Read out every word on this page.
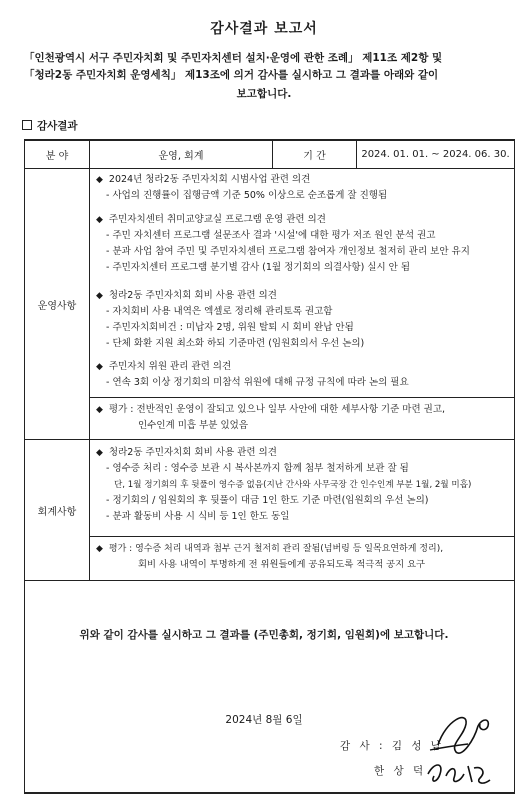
감사결과 보고서
「인천광역시 서구 주민자치회 및 주민자치센터 설치·운영에 관한 조례」 제11조 제2항 및
「청라2동 주민자치회 운영세칙」 제13조에 의거 감사를 실시하고 그 결과를 아래와 같이
보고합니다.
감사결과
분 야	운영, 회계	기 간	2024. 01. 01. ~ 2024. 06. 30.
운영사항
◆ 2024년 청라2동 주민자치회 시범사업 관련 의견
- 사업의 진행률이 집행금액 기준 50% 이상으로 순조롭게 잘 진행됨
◆ 주민자치센터 취미교양교실 프로그램 운영 관련 의견
- 주민 자치센터 프로그램 설문조사 결과 '시설'에 대한 평가 저조 원인 분석 권고
- 분과 사업 참여 주민 및 주민자치센터 프로그램 참여자 개인정보 철저히 관리 보안 유지
- 주민자치센터 프로그램 분기별 감사 (1월 정기회의 의결사항) 실시 안 됨
◆ 청라2동 주민자치회 회비 사용 관련 의견
- 자치회비 사용 내역은 엑셀로 정리해 관리토록 권고함
- 주민자치회비건 : 미납자 2명, 위원 탈퇴 시 회비 완납 안됨
- 단체 화환 지원 최소화 하되 기준마련 (임원회의서 우선 논의)
◆ 주민자치 위원 관리 관련 의견
- 연속 3회 이상 정기회의 미참석 위원에 대해 규정 규칙에 따라 논의 필요
◆ 평가 : 전반적인 운영이 잘되고 있으나 일부 사안에 대한 세부사항 기준 마련 권고,
인수인계 미흡 부분 있었음
회계사항
◆ 청라2동 주민자치회 회비 사용 관련 의견
- 영수증 처리 : 영수증 보관 시 복사본까지 함께 첨부 철저하게 보관 잘 됨
단, 1월 정기회의 후 뒷풀이 영수증 없음(지난 간사와 사무국장 간 인수인계 부분 1월, 2월 미흡)
- 정기회의 / 임원회의 후 뒷풀이 대금 1인 한도 기준 마련(임원회의 우선 논의)
- 분과 활동비 사용 시 식비 등 1인 한도 동일
◆ 평가 : 영수증 처리 내역과 첨부 근거 철저히 관리 잘됨(넘버링 등 일목요연하게 정리),
회비 사용 내역이 투명하게 전 위원들에게 공유되도록 적극적 공지 요구
위와 같이 감사를 실시하고 그 결과를 (주민총회, 정기회, 임원회)에 보고합니다.
2024년 8월 6일
감 사 : 김 성 남
한 상 덕
